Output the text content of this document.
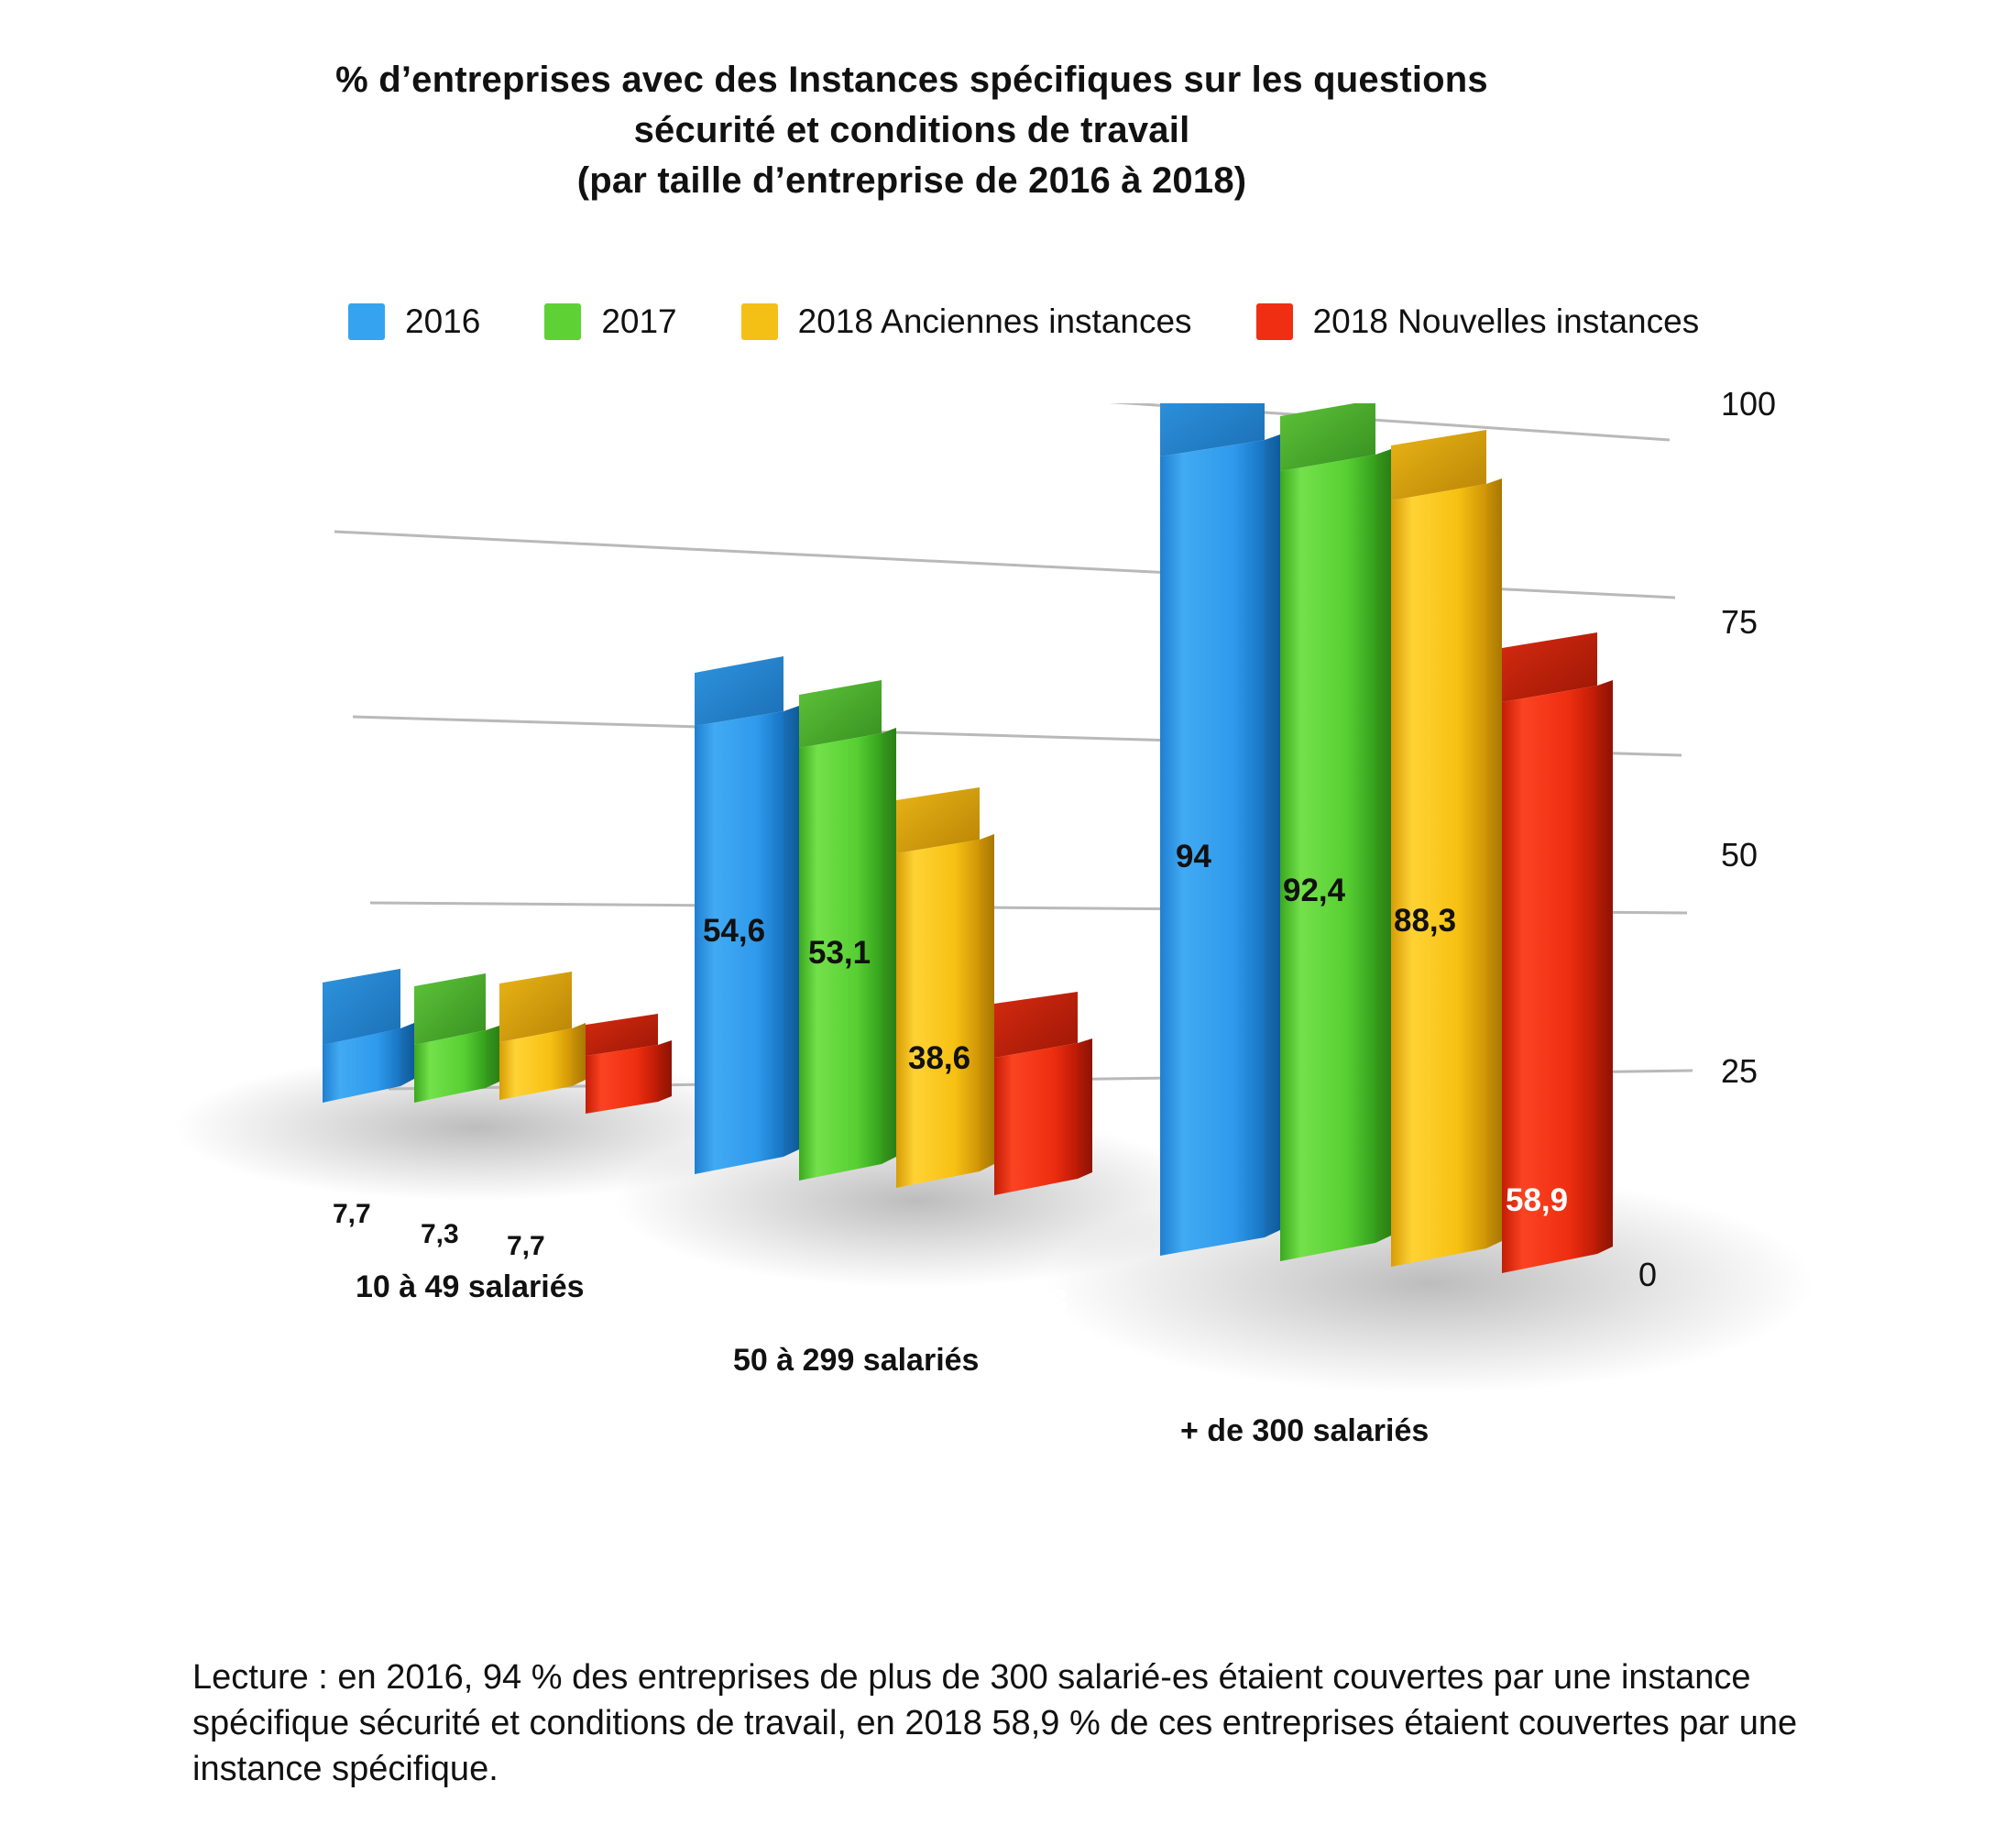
% d’entreprises avec des Instances spécifiques sur les questions
sécurité et conditions de travail
(par taille d’entreprise de 2016 à 2018)
2016	2017	2018 Anciennes instances	2018 Nouvelles instances
100
75
50
25
0
10 à 49 salariés
50 à 299 salariés
+ de 300 salariés
7,7
7,3 7,7 2,1
54,6
53,1
38,6
11,8
94
92,4
88,3
58,9
Lecture : en 2016, 94 % des entreprises de plus de 300 salarié-es étaient couvertes par une instance spécifique sécurité et conditions de travail, en 2018 58,9 % de ces entreprises étaient couvertes par une instance spécifique.
